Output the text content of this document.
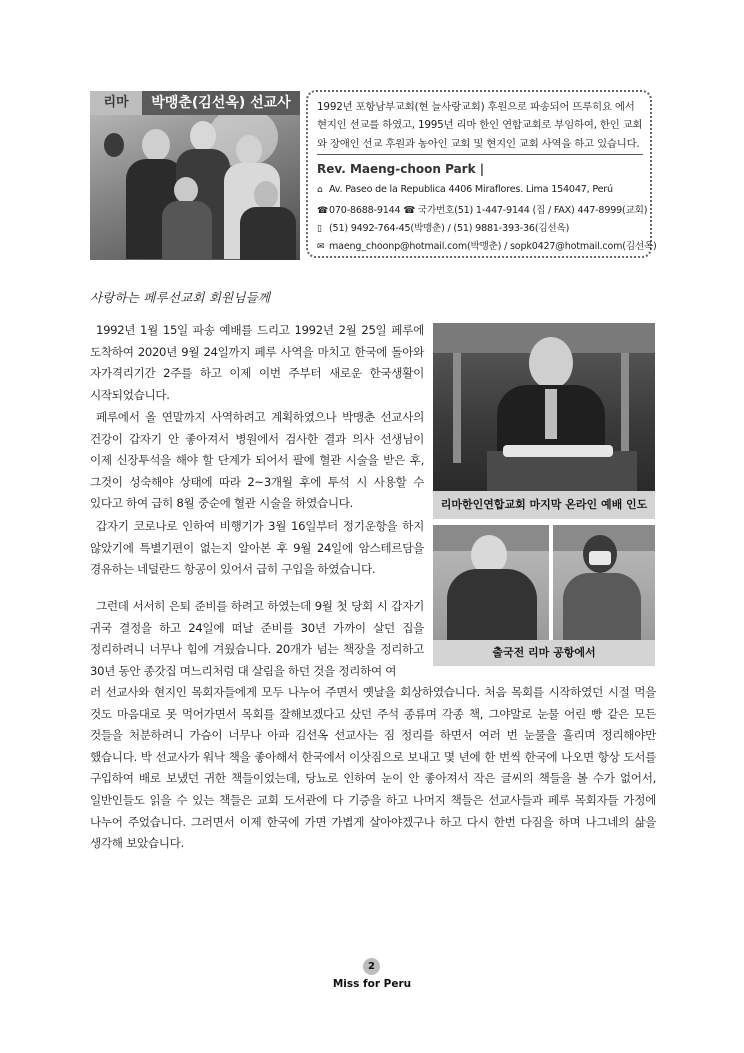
리마	박맹춘(김선옥) 선교사	1992년 포항남부교회(현 늘사랑교회) 후원으로 파송되어 뜨루히요 에서 현지인 선교를 하였고, 1995년 리마 한인 연합교회로 부임하여, 한인 교회와 장애인 선교 후원과 농아인 교회 및 현지인 교회 사역을 하고 있습니다.
Rev. Maeng-choon Park |
⌂ Av. Paseo de la Republica 4406 Miraflores. Lima 154047, Perú
☎070-8688-9144 ☎ 국가번호(51) 1-447-9144 (집 / FAX) 447-8999(교회)
▯ (51) 9492-764-45(박맹춘) / (51) 9881-393-36(김선옥)
✉ maeng_choonp@hotmail.com(박맹춘) / sopk0427@hotmail.com(김선옥)
사랑하는 페루선교회 회원님들께
1992년 1월 15일 파송 예배를 드리고 1992년 2월 25일 페루에 도착하여 2020년 9월 24일까지 페루 사역을 마치고 한국에 돌아와 자가격리기간 2주를 하고 이제 이번 주부터 새로운 한국생활이 시작되었습니다.
페루에서 올 연말까지 사역하려고 계획하였으나 박맹춘 선교사의 건강이 갑자기 안 좋아져서 병원에서 검사한 결과 의사 선생님이 이제 신장투석을 해야 할 단계가 되어서 팔에 혈관 시술을 받은 후, 그것이 성숙해야 상태에 따라 2~3개월 후에 투석 시 사용할 수 있다고 하여 급히 8월 중순에 혈관 시술을 하였습니다.
갑자기 코로나로 인하여 비행기가 3월 16일부터 정기운항을 하지 않았기에 특별기편이 없는지 알아본 후 9월 24일에 암스테르담을 경유하는 네덜란드 항공이 있어서 급히 구입을 하였습니다.
그런데 서서히 은퇴 준비를 하려고 하였는데 9월 첫 당회 시 갑자기 귀국 결정을 하고 24일에 떠날 준비를 30년 가까이 살던 집을 정리하려니 너무나 힘에 겨웠습니다. 20개가 넘는 책장을 정리하고 30년 동안 종갓집 며느리처럼 대 살림을 하던 것을 정리하여 여
러 선교사와 현지인 목회자들에게 모두 나누어 주면서 옛날을 회상하였습니다. 처음 목회를 시작하였던 시절 먹을 것도 마음대로 못 먹어가면서 목회를 잘해보겠다고 샀던 주석 종류며 각종 책, 그야말로 눈물 어린 빵 같은 모든 것들을 처분하려니 가슴이 너무나 아파 김선옥 선교사는 짐 정리를 하면서 여러 번 눈물을 흘리며 정리해야만 했습니다. 박 선교사가 워낙 책을 좋아해서 한국에서 이삿짐으로 보내고 몇 년에 한 번씩 한국에 나오면 항상 도서를 구입하여 배로 보냈던 귀한 책들이었는데, 당뇨로 인하여 눈이 안 좋아져서 작은 글씨의 책들을 볼 수가 없어서, 일반인들도 읽을 수 있는 책들은 교회 도서관에 다 기증을 하고 나머지 책들은 선교사들과 페루 목회자들 가정에 나누어 주었습니다. 그러면서 이제 한국에 가면 가볍게 살아야겠구나 하고 다시 한번 다짐을 하며 나그네의 삶을 생각해 보았습니다.
리마한인연합교회 마지막 온라인 예배 인도
출국전 리마 공항에서
2
Miss for Peru
